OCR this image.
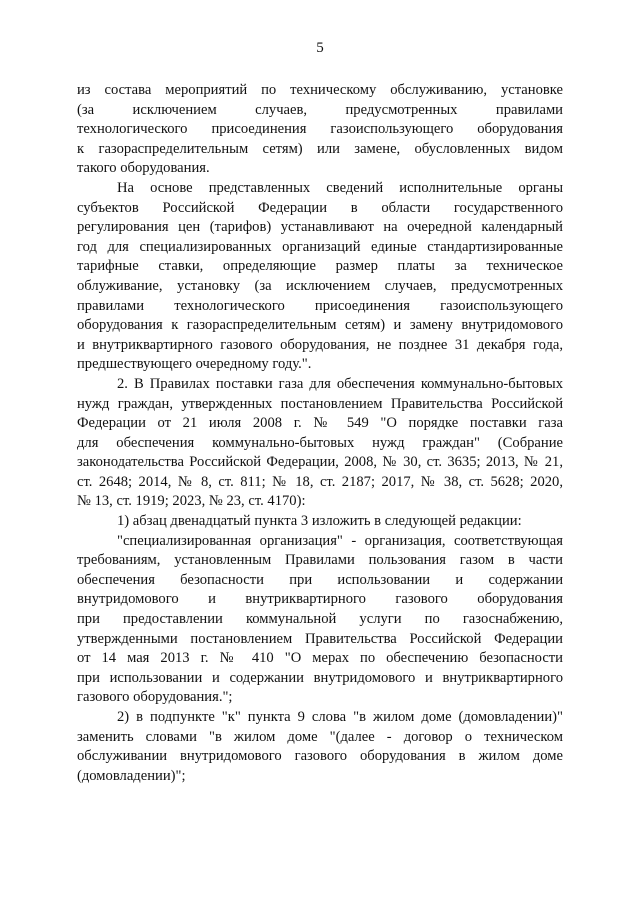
5
из состава мероприятий по техническому обслуживанию, установке
(за исключением случаев, предусмотренных правилами
технологического присоединения газоиспользующего оборудования
к газораспределительным сетям) или замене, обусловленных видом
такого оборудования.
На основе представленных сведений исполнительные органы
субъектов Российской Федерации в области государственного
регулирования цен (тарифов) устанавливают на очередной календарный
год для специализированных организаций единые стандартизированные
тарифные ставки, определяющие размер платы за техническое
облуживание, установку (за исключением случаев, предусмотренных
правилами технологического присоединения газоиспользующего
оборудования к газораспределительным сетям) и замену внутридомового
и внутриквартирного газового оборудования, не позднее 31 декабря года,
предшествующего очередному году.".
2. В Правилах поставки газа для обеспечения коммунально-бытовых
нужд граждан, утвержденных постановлением Правительства Российской
Федерации от 21 июля 2008 г. № 549 "О порядке поставки газа
для обеспечения коммунально-бытовых нужд граждан" (Собрание
законодательства Российской Федерации, 2008, № 30, ст. 3635; 2013, № 21,
ст. 2648; 2014, № 8, ст. 811; № 18, ст. 2187; 2017, № 38, ст. 5628; 2020,
№ 13, ст. 1919; 2023, № 23, ст. 4170):
1) абзац двенадцатый пункта 3 изложить в следующей редакции:
"специализированная организация" - организация, соответствующая
требованиям, установленным Правилами пользования газом в части
обеспечения безопасности при использовании и содержании
внутридомового и внутриквартирного газового оборудования
при предоставлении коммунальной услуги по газоснабжению,
утвержденными постановлением Правительства Российской Федерации
от 14 мая 2013 г. № 410 "О мерах по обеспечению безопасности
при использовании и содержании внутридомового и внутриквартирного
газового оборудования.";
2) в подпункте "к" пункта 9 слова "в жилом доме (домовладении)"
заменить словами "в жилом доме "(далее - договор о техническом
обслуживании внутридомового газового оборудования в жилом доме
(домовладении)";
